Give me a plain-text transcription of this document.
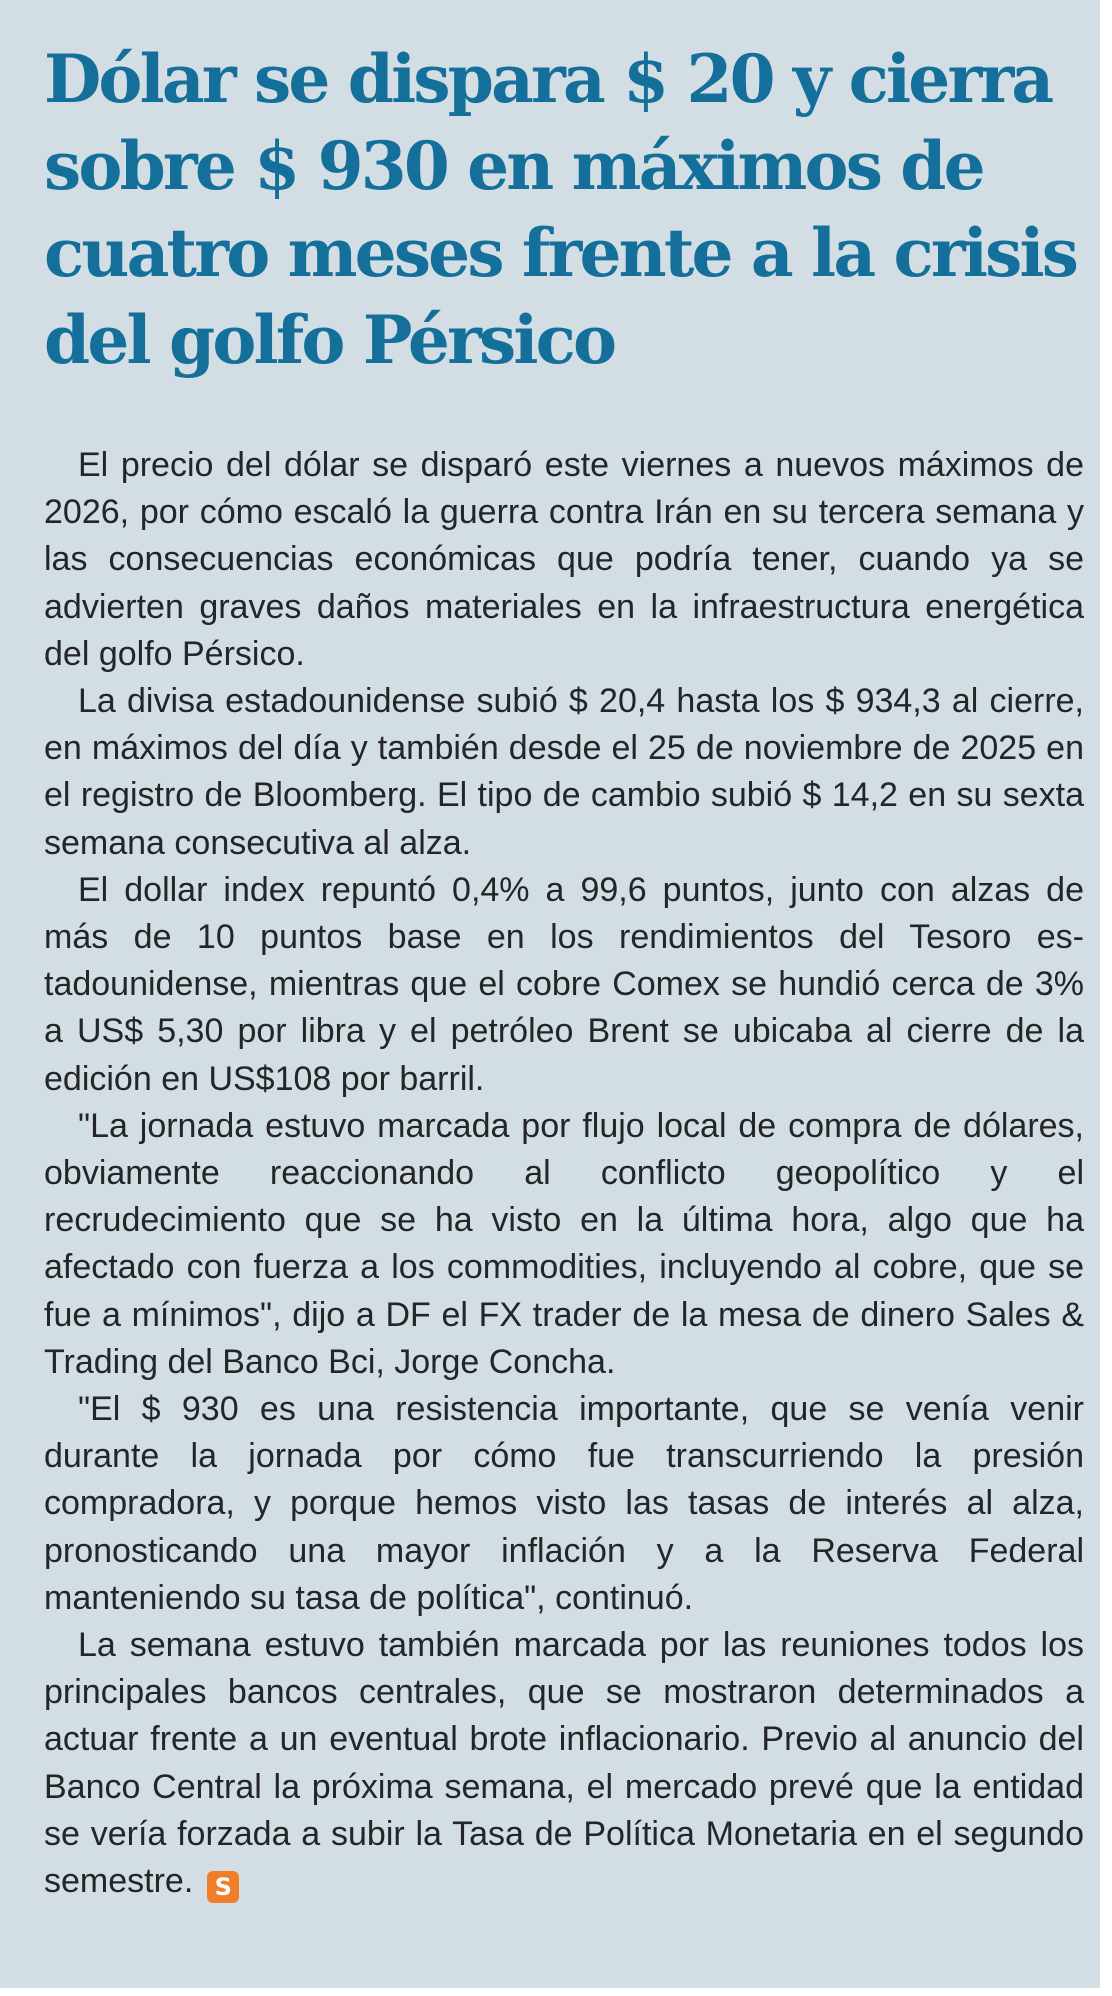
Dólar se dispara $ 20 y cierra sobre $ 930 en máximos de cuatro meses frente a la crisis del golfo Pérsico

El precio del dólar se disparó este viernes a nuevos máximos de 2026, por cómo escaló la guerra contra Irán en su tercera semana y las consecuencias económicas que podría tener, cuando ya se advierten graves daños materiales en la infraestructura energética del golfo Pérsico.

La divisa estadounidense subió $ 20,4 hasta los $ 934,3 al cierre, en máximos del día y también desde el 25 de noviembre de 2025 en el registro de Bloomberg. El tipo de cambio subió $ 14,2 en su sexta semana consecutiva al alza.

El dollar index repuntó 0,4% a 99,6 puntos, junto con alzas de más de 10 puntos base en los rendimientos del Tesoro estadounidense, mientras que el cobre Comex se hundió cerca de 3% a US$ 5,30 por libra y el petróleo Brent se ubicaba al cierre de la edición en US$108 por barril.

"La jornada estuvo marcada por flujo local de compra de dólares, obviamente reaccionando al conflicto geopolítico y el recrudecimiento que se ha visto en la última hora, algo que ha afectado con fuerza a los commodities, incluyendo al cobre, que se fue a mínimos", dijo a DF el FX trader de la mesa de dinero Sales & Trading del Banco Bci, Jorge Concha.

"El $ 930 es una resistencia importante, que se venía venir durante la jornada por cómo fue transcurriendo la presión compradora, y porque hemos visto las tasas de interés al alza, pronosticando una mayor inflación y a la Reserva Federal manteniendo su tasa de política", continuó.

La semana estuvo también marcada por las reuniones todos los principales bancos centrales, que se mostraron determinados a actuar frente a un eventual brote inflacionario. Previo al anuncio del Banco Central la próxima semana, el mercado prevé que la entidad se vería forzada a subir la Tasa de Política Monetaria en el segundo semestre. S
